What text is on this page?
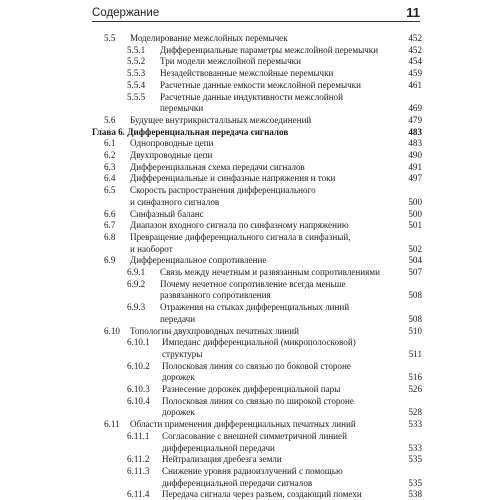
Содержание	11
5.5 Моделирование межслойных перемычек	452
5.5.1 Дифференциальные параметры межслойной перемычки	452
5.5.2 Три модели межслойной перемычки	454
5.5.3 Незадействованные межслойные перемычки	459
5.5.4 Расчетные данные емкости межслойной перемычки	461
5.5.5 Расчетные данные индуктивности межслойной
перемычки	469
5.6 Будущее внутрикристалльных межсоединений	479
Глава 6. Дифференциальная передача сигналов	483
6.1 Однопроводные цепи	483
6.2 Двухпроводные цепи	490
6.3 Дифференциальная схема передачи сигналов	491
6.4 Дифференциальные и синфазные напряжения и токи	497
6.5 Скорость распространения дифференциального
и синфазного сигналов	500
6.6 Синфазный баланс	500
6.7 Диапазон входного сигнала по синфазному напряжению	501
6.8 Превращение дифференциального сигнала в синфазный,
и наоборот	502
6.9 Дифференциальное сопротивление	504
6.9.1 Связь между нечетным и развязанным сопротивлениями	507
6.9.2 Почему нечетное сопротивление всегда меньше
развязанного сопротивления	508
6.9.3 Отражения на стыках дифференциальных линий
передачи	508
6.10 Топологии двухпроводных печатных линий	510
6.10.1 Импеданс дифференциальной (микрополосковой)
структуры	511
6.10.2 Полосковая линия со связью по боковой стороне
дорожек	516
6.10.3 Разнесение дорожек дифференциальной пары	526
6.10.4 Полосковая линия со связью по широкой стороне
дорожек	528
6.11 Области применения дифференциальных печатных линий	533
6.11.1 Согласование с внешней симметричной линией
дифференциальной передачи	533
6.11.2 Нейтрализация дребезга земли	535
6.11.3 Снижение уровня радиоизлучений с помощью
дифференциальной передачи сигналов	535
6.11.4 Передача сигнала через разъем, создающий помехи	538
